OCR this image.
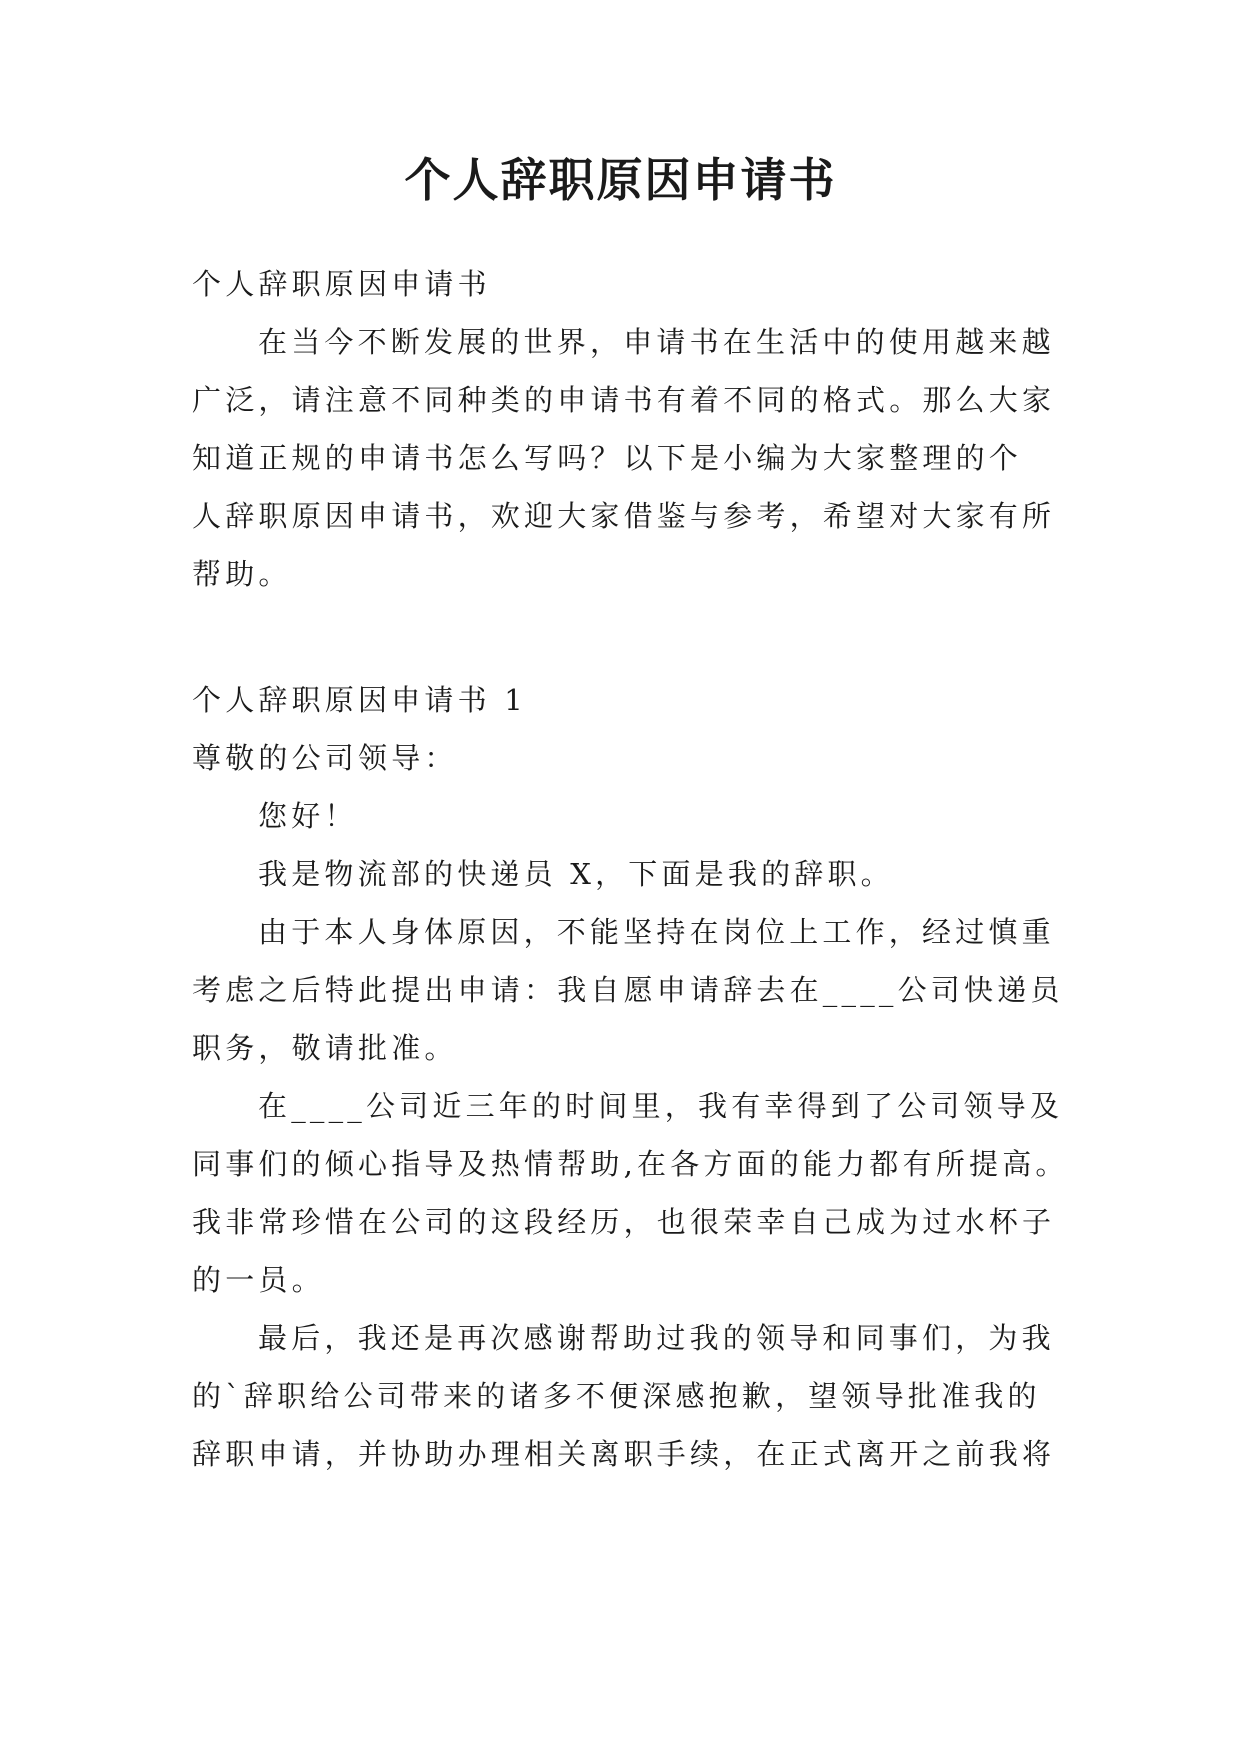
个人辞职原因申请书
个人辞职原因申请书
在当今不断发展的世界，申请书在生活中的使用越来越
广泛，请注意不同种类的申请书有着不同的格式。那么大家
知道正规的申请书怎么写吗？以下是小编为大家整理的个
人辞职原因申请书，欢迎大家借鉴与参考，希望对大家有所
帮助。
个人辞职原因申请书 1
尊敬的公司领导：
您好！
我是物流部的快递员 X，下面是我的辞职。
由于本人身体原因，不能坚持在岗位上工作，经过慎重
考虑之后特此提出申请：我自愿申请辞去在____公司快递员
职务，敬请批准。
在____公司近三年的时间里，我有幸得到了公司领导及
同事们的倾心指导及热情帮助,在各方面的能力都有所提高。
我非常珍惜在公司的这段经历，也很荣幸自己成为过水杯子
的一员。
最后，我还是再次感谢帮助过我的领导和同事们，为我
的`辞职给公司带来的诸多不便深感抱歉，望领导批准我的
辞职申请，并协助办理相关离职手续，在正式离开之前我将
